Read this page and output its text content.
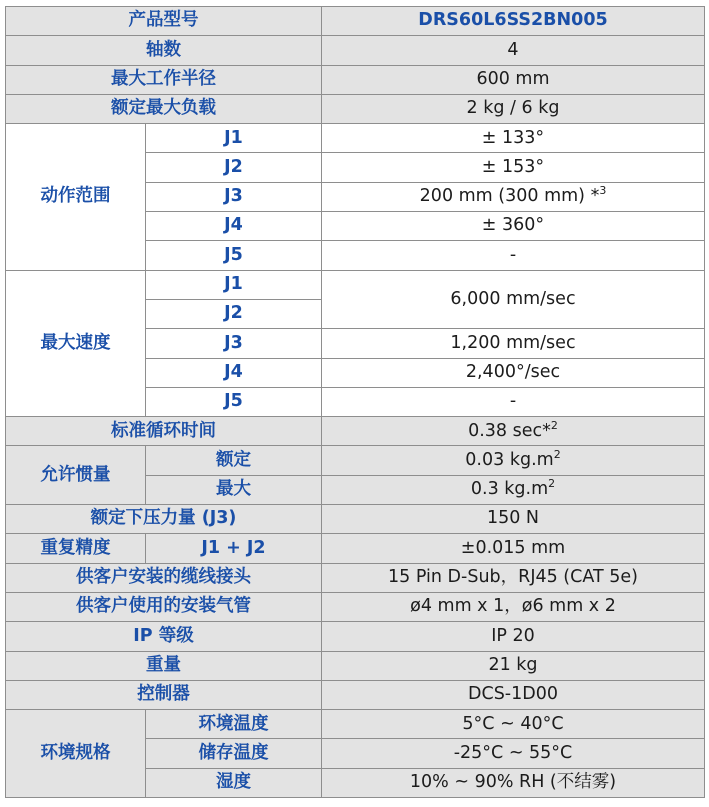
产品型号		DRS60L6SS2BN005
轴数		4
最大工作半径		600 mm
额定最大负载		2 kg / 6 kg
动作范围	J1	± 133°
	J2	± 153°
	J3	200 mm (300 mm) *$^3$
	J4	± 360°
	J5	-
最大速度	J1	6,000 mm/sec
	J2	
	J3	1,200 mm/sec
	J4	2,400°/sec
	J5	-
标准循环时间		0.38 sec*$^2$
允许惯量	额定	0.03 $kg.m^2$
	最大	0.3 $kg.m^2$
额定下压力量 (J3)		150 N
重复精度	J1 + J2	±0.015 mm
供客户安装的缆线接头		15 Pin D-Sub，RJ45 (CAT 5e)
供客户使用的安装气管		ø4 mm x 1，ø6 mm x 2
IP 等级		IP 20
重量		21 kg
控制器		DCS-1D00
环境规格	环境温度	5°C ~ 40°C
	储存温度	-25°C ~ 55°C
	湿度	10% ~ 90% RH (不结雾)
